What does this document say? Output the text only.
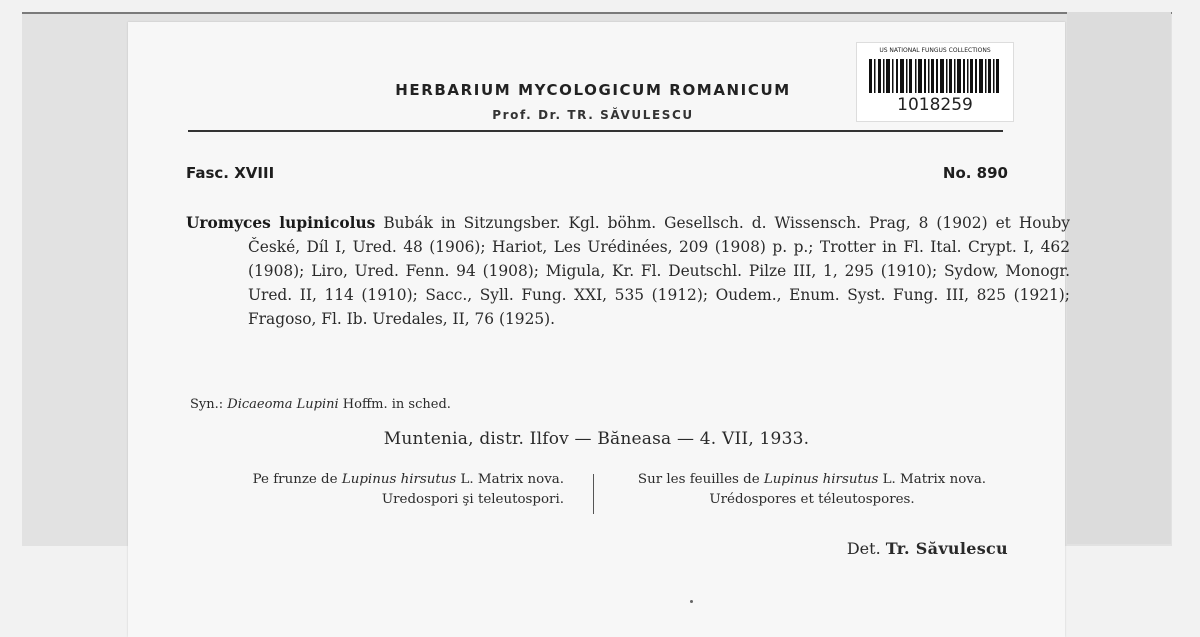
HERBARIUM MYCOLOGICUM ROMANICUM
Prof. Dr. TR. SĂVULESCU
US NATIONAL FUNGUS COLLECTIONS
1018259
Fasc. XVIII	No. 890
Uromyces lupinicolus Bubák in Sitzungsber. Kgl. böhm. Gesellsch. d. Wissensch. Prag, 8 (1902) et Houby České, Díl I, Ured. 48 (1906); Hariot, Les Urédinées, 209 (1908) p. p.; Trotter in Fl. Ital. Crypt. I, 462 (1908); Liro, Ured. Fenn. 94 (1908); Migula, Kr. Fl. Deutschl. Pilze III, 1, 295 (1910); Sydow, Monogr. Ured. II, 114 (1910); Sacc., Syll. Fung. XXI, 535 (1912); Oudem., Enum. Syst. Fung. III, 825 (1921); Fragoso, Fl. Ib. Uredales, II, 76 (1925).
Syn.: Dicaeoma Lupini Hoffm. in sched.
Muntenia, distr. Ilfov — Băneasa — 4. VII, 1933.
Pe frunze de Lupinus hirsutus L. Matrix nova. Uredospori şi teleutospori.
Sur les feuilles de Lupinus hirsutus L. Matrix nova. Urédospores et téleutospores.
Det. Tr. Săvulescu
